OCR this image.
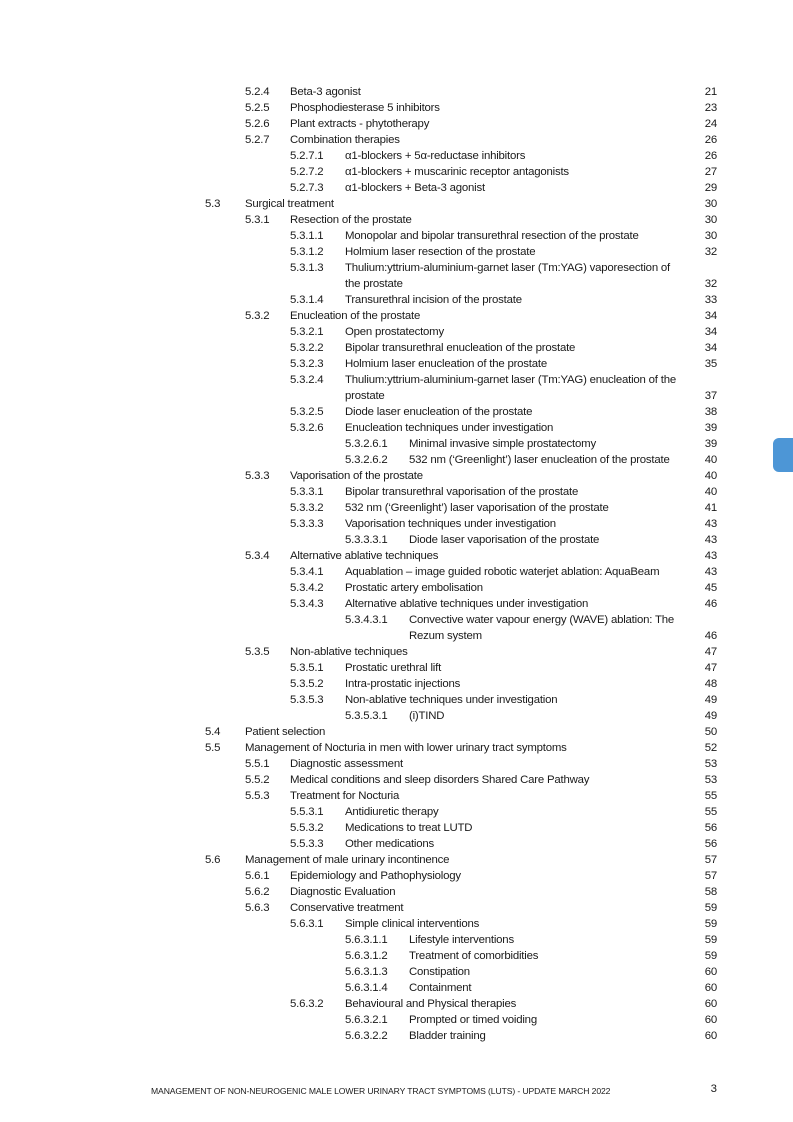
5.2.4 Beta-3 agonist	21
5.2.5 Phosphodiesterase 5 inhibitors	23
5.2.6 Plant extracts - phytotherapy	24
5.2.7 Combination therapies	26
5.2.7.1 α1-blockers + 5α-reductase inhibitors	26
5.2.7.2 α1-blockers + muscarinic receptor antagonists	27
5.2.7.3 α1-blockers + Beta-3 agonist	29
5.3 Surgical treatment	30
5.3.1 Resection of the prostate	30
5.3.1.1 Monopolar and bipolar transurethral resection of the prostate	30
5.3.1.2 Holmium laser resection of the prostate	32
5.3.1.3 Thulium:yttrium-aluminium-garnet laser (Tm:YAG) vaporesection of
the prostate	32
5.3.1.4 Transurethral incision of the prostate	33
5.3.2 Enucleation of the prostate	34
5.3.2.1 Open prostatectomy	34
5.3.2.2 Bipolar transurethral enucleation of the prostate	34
5.3.2.3 Holmium laser enucleation of the prostate	35
5.3.2.4 Thulium:yttrium-aluminium-garnet laser (Tm:YAG) enucleation of the
prostate	37
5.3.2.5 Diode laser enucleation of the prostate	38
5.3.2.6 Enucleation techniques under investigation	39
5.3.2.6.1 Minimal invasive simple prostatectomy	39
5.3.2.6.2 532 nm (‘Greenlight’) laser enucleation of the prostate	40
5.3.3 Vaporisation of the prostate	40
5.3.3.1 Bipolar transurethral vaporisation of the prostate	40
5.3.3.2 532 nm (‘Greenlight’) laser vaporisation of the prostate	41
5.3.3.3 Vaporisation techniques under investigation	43
5.3.3.3.1 Diode laser vaporisation of the prostate	43
5.3.4 Alternative ablative techniques	43
5.3.4.1 Aquablation – image guided robotic waterjet ablation: AquaBeam	43
5.3.4.2 Prostatic artery embolisation	45
5.3.4.3 Alternative ablative techniques under investigation	46
5.3.4.3.1 Convective water vapour energy (WAVE) ablation: The
Rezum system	46
5.3.5 Non-ablative techniques	47
5.3.5.1 Prostatic urethral lift	47
5.3.5.2 Intra-prostatic injections	48
5.3.5.3 Non-ablative techniques under investigation	49
5.3.5.3.1 (i)TIND	49
5.4 Patient selection	50
5.5 Management of Nocturia in men with lower urinary tract symptoms	52
5.5.1 Diagnostic assessment	53
5.5.2 Medical conditions and sleep disorders Shared Care Pathway	53
5.5.3 Treatment for Nocturia	55
5.5.3.1 Antidiuretic therapy	55
5.5.3.2 Medications to treat LUTD	56
5.5.3.3 Other medications	56
5.6 Management of male urinary incontinence	57
5.6.1 Epidemiology and Pathophysiology	57
5.6.2 Diagnostic Evaluation	58
5.6.3 Conservative treatment	59
5.6.3.1 Simple clinical interventions	59
5.6.3.1.1 Lifestyle interventions	59
5.6.3.1.2 Treatment of comorbidities	59
5.6.3.1.3 Constipation	60
5.6.3.1.4 Containment	60
5.6.3.2 Behavioural and Physical therapies	60
5.6.3.2.1 Prompted or timed voiding	60
5.6.3.2.2 Bladder training	60
MANAGEMENT OF NON-NEUROGENIC MALE LOWER URINARY TRACT SYMPTOMS (LUTS) - UPDATE MARCH 2022	3
